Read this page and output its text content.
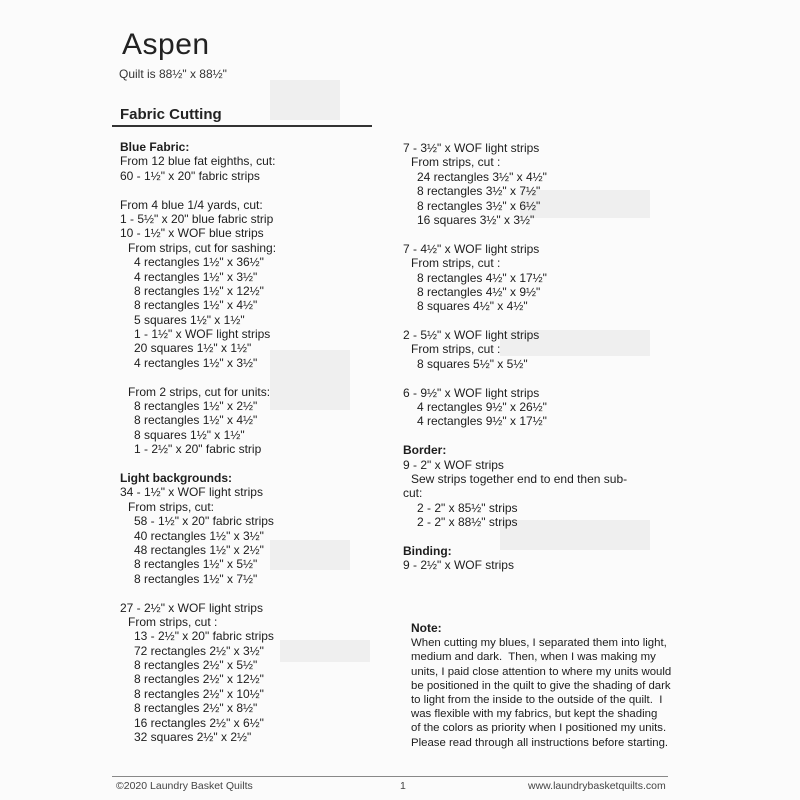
Aspen
Quilt is 88½" x 88½"
Fabric Cutting
Blue Fabric:
From 12 blue fat eighths, cut:
60 - 1½" x 20" fabric strips
From 4 blue 1/4 yards, cut:
1 - 5½" x 20" blue fabric strip
10 - 1½" x WOF blue strips
From strips, cut for sashing:
4 rectangles 1½" x 36½"
4 rectangles 1½" x 3½"
8 rectangles 1½" x 12½"
8 rectangles 1½" x 4½"
5 squares 1½" x 1½"
1 - 1½" x WOF light strips
20 squares 1½" x 1½"
4 rectangles 1½" x 3½"
From 2 strips, cut for units:
8 rectangles 1½" x 2½"
8 rectangles 1½" x 4½"
8 squares 1½" x 1½"
1 - 2½" x 20" fabric strip
Light backgrounds:
34 - 1½" x WOF light strips
From strips, cut:
58 - 1½" x 20" fabric strips
40 rectangles 1½" x 3½"
48 rectangles 1½" x 2½"
8 rectangles 1½" x 5½"
8 rectangles 1½" x 7½"
27 - 2½" x WOF light strips
From strips, cut :
13 - 2½" x 20" fabric strips
72 rectangles 2½" x 3½"
8 rectangles 2½" x 5½"
8 rectangles 2½" x 12½"
8 rectangles 2½" x 10½"
8 rectangles 2½" x 8½"
16 rectangles 2½" x 6½"
32 squares 2½" x 2½"
7 - 3½" x WOF light strips
From strips, cut :
24 rectangles 3½" x 4½"
8 rectangles 3½" x 7½"
8 rectangles 3½" x 6½"
16 squares 3½" x 3½"
7 - 4½" x WOF light strips
From strips, cut :
8 rectangles 4½" x 17½"
8 rectangles 4½" x 9½"
8 squares 4½" x 4½"
2 - 5½" x WOF light strips
From strips, cut :
8 squares 5½" x 5½"
6 - 9½" x WOF light strips
4 rectangles 9½" x 26½"
4 rectangles 9½" x 17½"
Border:
9 - 2" x WOF strips
Sew strips together end to end then sub-
cut:
2 - 2" x 85½" strips
2 - 2" x 88½" strips
Binding:
9 - 2½" x WOF strips
Note:
When cutting my blues, I separated them into light,
medium and dark.  Then, when I was making my
units, I paid close attention to where my units would
be positioned in the quilt to give the shading of dark
to light from the inside to the outside of the quilt.  I
was flexible with my fabrics, but kept the shading
of the colors as priority when I positioned my units.
Please read through all instructions before starting.
©2020 Laundry Basket Quilts	1	www.laundrybasketquilts.com
